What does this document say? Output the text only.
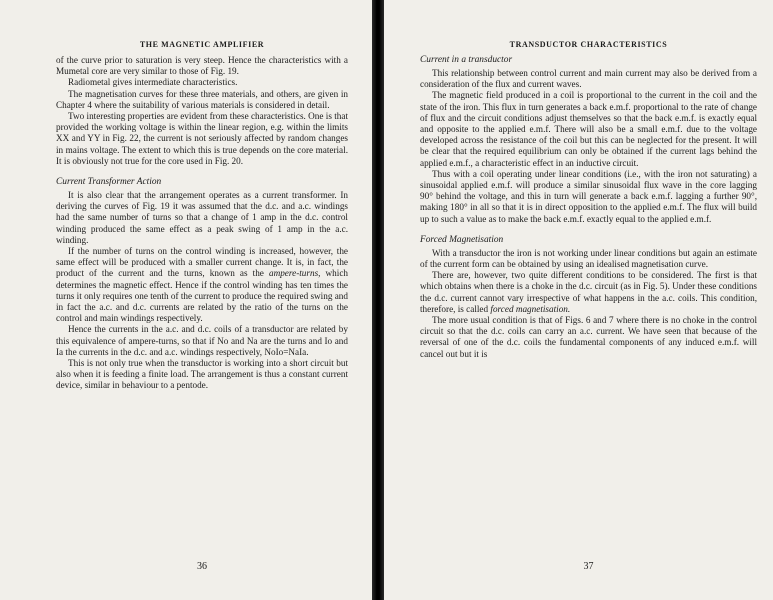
THE MAGNETIC AMPLIFIER

of the curve prior to saturation is very steep. Hence the characteristics with a Mumetal core are very similar to those of Fig. 19.

Radiometal gives intermediate characteristics.

The magnetisation curves for these three materials, and others, are given in Chapter 4 where the suitability of various materials is considered in detail.

Two interesting properties are evident from these characteristics. One is that provided the working voltage is within the linear region, e.g. within the limits XX and YY in Fig. 22, the current is not seriously affected by random changes in mains voltage. The extent to which this is true depends on the core material. It is obviously not true for the core used in Fig. 20.

Current Transformer Action

It is also clear that the arrangement operates as a current transformer. In deriving the curves of Fig. 19 it was assumed that the d.c. and a.c. windings had the same number of turns so that a change of 1 amp in the d.c. control winding produced the same effect as a peak swing of 1 amp in the a.c. winding.

If the number of turns on the control winding is increased, however, the same effect will be produced with a smaller current change. It is, in fact, the product of the current and the turns, known as the ampere-turns, which determines the magnetic effect. Hence if the control winding has ten times the turns it only requires one tenth of the current to produce the required swing and in fact the a.c. and d.c. currents are related by the ratio of the turns on the control and main windings respectively.

Hence the currents in the a.c. and d.c. coils of a transductor are related by this equivalence of ampere-turns, so that if No and Na are the turns and Io and Ia the currents in the d.c. and a.c. windings respectively, NoIo=NaIa.

This is not only true when the transductor is working into a short circuit but also when it is feeding a finite load. The arrangement is thus a constant current device, similar in behaviour to a pentode.

36
TRANSDUCTOR CHARACTERISTICS
Current in a transductor

This relationship between control current and main current may also be derived from a consideration of the flux and current waves.

The magnetic field produced in a coil is proportional to the current in the coil and the state of the iron. This flux in turn generates a back e.m.f. proportional to the rate of change of flux and the circuit conditions adjust themselves so that the back e.m.f. is exactly equal and opposite to the applied e.m.f. There will also be a small e.m.f. due to the voltage developed across the resistance of the coil but this can be neglected for the present. It will be clear that the required equilibrium can only be obtained if the current lags behind the applied e.m.f., a characteristic effect in an inductive circuit.

Thus with a coil operating under linear conditions (i.e., with the iron not saturating) a sinusoidal applied e.m.f. will produce a similar sinusoidal flux wave in the core lagging 90° behind the voltage, and this in turn will generate a back e.m.f. lagging a further 90°, making 180° in all so that it is in direct opposition to the applied e.m.f. The flux will build up to such a value as to make the back e.m.f. exactly equal to the applied e.m.f.

Forced Magnetisation

With a transductor the iron is not working under linear conditions but again an estimate of the current form can be obtained by using an idealised magnetisation curve.

There are, however, two quite different conditions to be considered. The first is that which obtains when there is a choke in the d.c. circuit (as in Fig. 5). Under these conditions the d.c. current cannot vary irrespective of what happens in the a.c. coils. This condition, therefore, is called forced magnetisation.

The more usual condition is that of Figs. 6 and 7 where there is no choke in the control circuit so that the d.c. coils can carry an a.c. current. We have seen that because of the reversal of one of the d.c. coils the fundamental components of any induced e.m.f. will cancel out but it is

37
